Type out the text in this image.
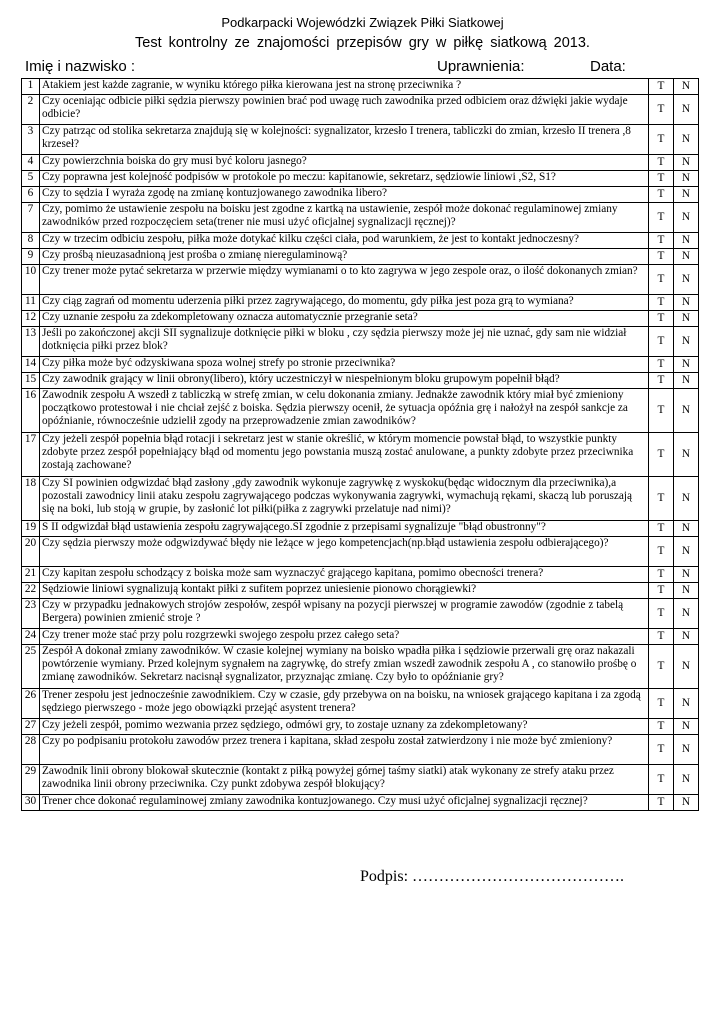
Podkarpacki Wojewódzki Związek Piłki Siatkowej
Test kontrolny ze znajomości przepisów gry w piłkę siatkową 2013.
Imię i nazwisko :	Uprawnienia:	Data:
1	Atakiem jest każde zagranie, w wyniku którego piłka kierowana jest na stronę przeciwnika ?	T	N
2	Czy oceniając odbicie piłki sędzia pierwszy powinien brać pod uwagę ruch zawodnika przed odbiciem oraz dźwięki jakie wydaje odbicie?	T	N
3	Czy patrząc od stolika sekretarza znajdują się w kolejności: sygnalizator, krzesło I trenera, tabliczki do zmian, krzesło II trenera ,8 krzeseł?	T	N
4	Czy powierzchnia boiska do gry musi być koloru jasnego?	T	N
5	Czy poprawna jest kolejność podpisów w protokole po meczu: kapitanowie, sekretarz, sędziowie liniowi ,S2, S1?	T	N
6	Czy to sędzia I wyraża zgodę na zmianę kontuzjowanego zawodnika libero?	T	N
7	Czy, pomimo że ustawienie zespołu na boisku jest zgodne z kartką na ustawienie, zespół może dokonać regulaminowej zmiany zawodników przed rozpoczęciem seta(trener nie musi użyć oficjalnej sygnalizacji ręcznej)?	T	N
8	Czy w trzecim odbiciu zespołu, piłka może dotykać kilku części ciała, pod warunkiem, że jest to kontakt jednoczesny?	T	N
9	Czy prośbą nieuzasadnioną jest prośba o zmianę nieregulaminową?	T	N
10	Czy trener może pytać sekretarza w przerwie między wymianami o to kto zagrywa w jego zespole oraz, o ilość dokonanych zmian?	T	N
11	Czy ciąg zagrań od momentu uderzenia piłki przez zagrywającego, do momentu, gdy piłka jest poza grą to wymiana?	T	N
12	Czy uznanie zespołu za zdekompletowany oznacza automatycznie przegranie seta?	T	N
13	Jeśli po zakończonej akcji SII sygnalizuje dotknięcie piłki w bloku , czy sędzia pierwszy może jej nie uznać, gdy sam nie widział dotknięcia piłki przez blok?	T	N
14	Czy piłka może być odzyskiwana spoza wolnej strefy po stronie przeciwnika?	T	N
15	Czy zawodnik grający w linii obrony(libero), który uczestniczył w niespełnionym bloku grupowym popełnił błąd?	T	N
16	Zawodnik zespołu A wszedł z tabliczką w strefę zmian, w celu dokonania zmiany. Jednakże zawodnik który miał być zmieniony początkowo protestował i nie chciał zejść z boiska. Sędzia pierwszy ocenił, że sytuacja opóźnia grę i nałożył na zespół sankcje za opóźnianie, równocześnie udzielił zgody na przeprowadzenie zmian zawodników?	T	N
17	Czy jeżeli zespół popełnia błąd rotacji i sekretarz jest w stanie określić, w którym momencie powstał błąd, to wszystkie punkty zdobyte przez zespół popełniający błąd od momentu jego powstania muszą zostać anulowane, a punkty zdobyte przez przeciwnika zostają zachowane?	T	N
18	Czy SI powinien odgwizdać błąd zasłony ,gdy zawodnik wykonuje zagrywkę z wyskoku(będąc widocznym dla przeciwnika),a pozostali zawodnicy linii ataku zespołu zagrywającego podczas wykonywania zagrywki, wymachują rękami, skaczą lub poruszają się na boki, lub stoją w grupie, by zasłonić lot piłki(piłka z zagrywki przelatuje nad nimi)?	T	N
19	S II odgwizdał błąd ustawienia zespołu zagrywającego.SI zgodnie z przepisami sygnalizuje "błąd obustronny"?	T	N
20	Czy sędzia pierwszy może odgwizdywać błędy nie leżące w jego kompetencjach(np.błąd ustawienia zespołu odbierającego)?	T	N
21	Czy kapitan zespołu schodzący z boiska może sam wyznaczyć grającego kapitana, pomimo obecności trenera?	T	N
22	Sędziowie liniowi sygnalizują kontakt piłki z sufitem poprzez uniesienie pionowo chorągiewki?	T	N
23	Czy w przypadku jednakowych strojów zespołów, zespół wpisany na pozycji pierwszej w programie zawodów (zgodnie z tabelą Bergera) powinien zmienić stroje ?	T	N
24	Czy trener może stać przy polu rozgrzewki swojego zespołu przez całego seta?	T	N
25	Zespół A dokonał zmiany zawodników. W czasie kolejnej wymiany na boisko wpadła piłka i sędziowie przerwali grę oraz nakazali powtórzenie wymiany. Przed kolejnym sygnałem na zagrywkę, do strefy zmian wszedł zawodnik zespołu A , co stanowiło prośbę o zmianę zawodników. Sekretarz nacisnął sygnalizator, przyznając zmianę. Czy było to opóźnianie gry?	T	N
26	Trener zespołu jest jednocześnie zawodnikiem. Czy w czasie, gdy przebywa on na boisku, na wniosek grającego kapitana i za zgodą sędziego pierwszego - może jego obowiązki przejąć asystent trenera?	T	N
27	Czy jeżeli zespół, pomimo wezwania przez sędziego, odmówi gry, to zostaje uznany za zdekompletowany?	T	N
28	Czy po podpisaniu protokołu zawodów przez trenera i kapitana, skład zespołu został zatwierdzony i nie może być zmieniony?	T	N
29	Zawodnik linii obrony blokował skutecznie (kontakt z piłką powyżej górnej taśmy siatki) atak wykonany ze strefy ataku przez zawodnika linii obrony przeciwnika. Czy punkt zdobywa zespół blokujący?	T	N
30	Trener chce dokonać regulaminowej zmiany zawodnika kontuzjowanego. Czy musi użyć oficjalnej sygnalizacji ręcznej?	T	N
Podpis: ………………………………….
